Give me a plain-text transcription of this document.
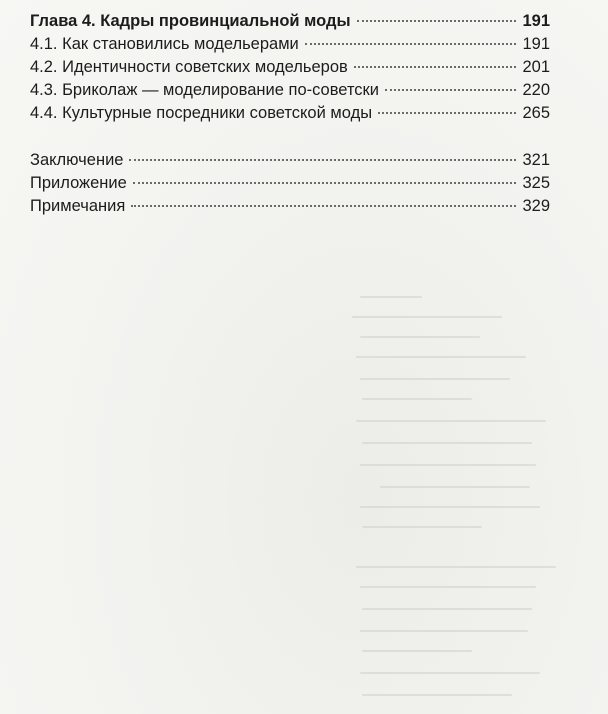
Глава 4. Кадры провинциальной моды	191
4.1. Как становились модельерами	191
4.2. Идентичности советских модельеров	201
4.3. Бриколаж — моделирование по-советски	220
4.4. Культурные посредники советской моды	265
Заключение	321
Приложение	325
Примечания	329
